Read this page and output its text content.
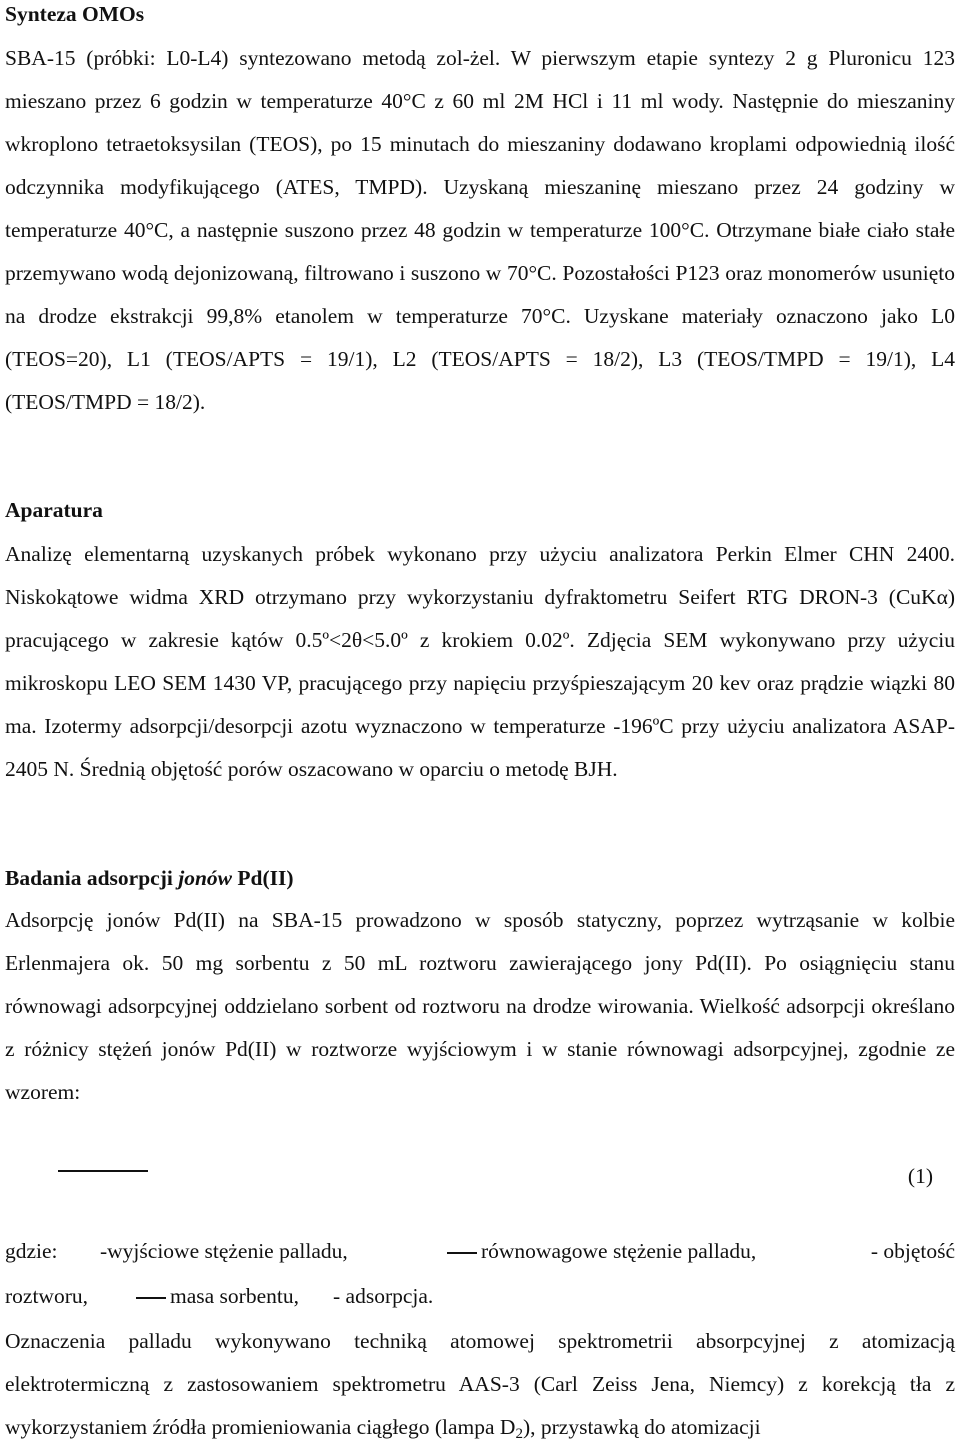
Synteza OMOs

SBA-15 (próbki: L0-L4) syntezowano metodą zol-żel. W pierwszym etapie syntezy 2 g Pluronicu 123 mieszano przez 6 godzin w temperaturze 40°C z 60 ml 2M HCl i 11 ml wody. Następnie do mieszaniny wkroplono tetraetoksysilan (TEOS), po 15 minutach do mieszaniny dodawano kroplami odpowiednią ilość odczynnika modyfikującego (ATES, TMPD). Uzyskaną mieszaninę mieszano przez 24 godziny w temperaturze 40°C, a następnie suszono przez 48 godzin w temperaturze 100°C. Otrzymane białe ciało stałe przemywano wodą dejonizowaną, filtrowano i suszono w 70°C. Pozostałości P123 oraz monomerów usunięto na drodze ekstrakcji 99,8% etanolem w temperaturze 70°C. Uzyskane materiały oznaczono jako L0 (TEOS=20), L1 (TEOS/APTS = 19/1), L2 (TEOS/APTS = 18/2), L3 (TEOS/TMPD = 19/1), L4 (TEOS/TMPD = 18/2).

Aparatura

Analizę elementarną uzyskanych próbek wykonano przy użyciu analizatora Perkin Elmer CHN 2400. Niskokątowe widma XRD otrzymano przy wykorzystaniu dyfraktometru Seifert RTG DRON-3 (CuKα) pracującego w zakresie kątów 0.5º<2θ<5.0º z krokiem 0.02º. Zdjęcia SEM wykonywano przy użyciu mikroskopu LEO SEM 1430 VP, pracującego przy napięciu przyśpieszającym 20 kev oraz prądzie wiązki 80 ma. Izotermy adsorpcji/desorpcji azotu wyznaczono w temperaturze -196ºC przy użyciu analizatora ASAP-2405 N. Średnią objętość porów oszacowano w oparciu o metodę BJH.

Badania adsorpcji jonów Pd(II)

Adsorpcję jonów Pd(II) na SBA-15 prowadzono w sposób statyczny, poprzez wytrząsanie w kolbie Erlenmajera ok. 50 mg sorbentu z 50 mL roztworu zawierającego jony Pd(II). Po osiągnięciu stanu równowagi adsorpcyjnej oddzielano sorbent od roztworu na drodze wirowania. Wielkość adsorpcji określano z różnicy stężeń jonów Pd(II) w roztworze wyjściowym i w stanie równowagi adsorpcyjnej, zgodnie ze wzorem:

(1)
gdzie: -wyjściowe stężenie palladu,	równowagowe stężenie palladu,	- objętość
roztworu,	masa sorbentu, - adsorpcja.

Oznaczenia palladu wykonywano techniką atomowej spektrometrii absorpcyjnej z atomizacją elektrotermiczną z zastosowaniem spektrometru AAS-3 (Carl Zeiss Jena, Niemcy) z korekcją tła z wykorzystaniem źródła promieniowania ciągłego (lampa $D_2$), przystawką do atomizacji
